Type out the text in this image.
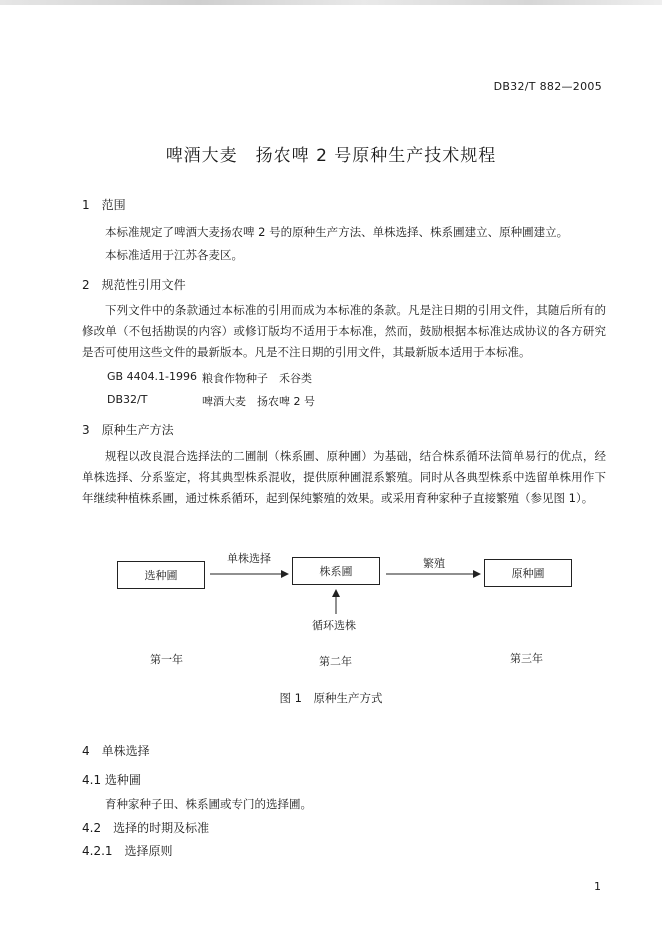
DB32/T 882—2005
啤酒大麦　扬农啤 2 号原种生产技术规程
1　范围
本标准规定了啤酒大麦扬农啤 2 号的原种生产方法、单株选择、株系圃建立、原种圃建立。
本标准适用于江苏各麦区。
2　规范性引用文件
下列文件中的条款通过本标准的引用而成为本标准的条款。凡是注日期的引用文件，其随后所有的修改单（不包括勘误的内容）或修订版均不适用于本标准，然而，鼓励根据本标准达成协议的各方研究是否可使用这些文件的最新版本。凡是不注日期的引用文件，其最新版本适用于本标准。
GB 4404.1-1996 粮食作物种子　禾谷类
DB32/T	啤酒大麦　扬农啤 2 号
3　原种生产方法
规程以改良混合选择法的二圃制（株系圃、原种圃）为基础，结合株系循环法简单易行的优点，经单株选择、分系鉴定，将其典型株系混收，提供原种圃混系繁殖。同时从各典型株系中选留单株用作下年继续种植株系圃，通过株系循环，起到保纯繁殖的效果。或采用育种家种子直接繁殖（参见图 1）。
选种圃	株系圃	原种圃
单株选择	繁殖
循环选株
第一年	第二年	第三年
图 1　原种生产方式
4　单株选择
4.1 选种圃
育种家种子田、株系圃或专门的选择圃。
4.2　选择的时期及标准
4.2.1　选择原则
1
